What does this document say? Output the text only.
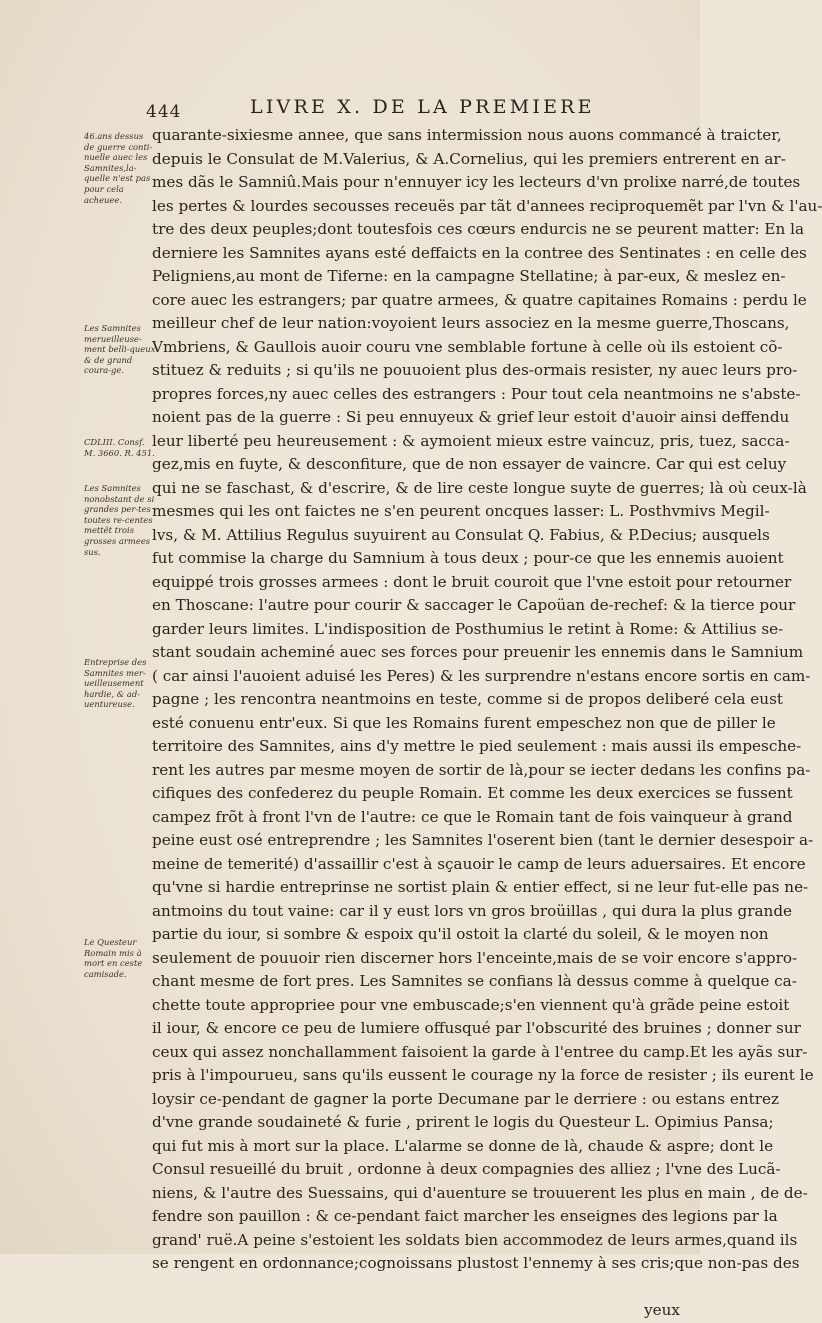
444	LIVRE X. DE LA PREMIERE
quarante-sixiesme annee, que sans intermission nous auons commancé à traicter,
depuis le Consulat de M.Valerius, & A.Cornelius, qui les premiers entrerent en ar-
mes dãs le Samniû.Mais pour n'ennuyer icy les lecteurs d'vn prolixe narré,de toutes
les pertes & lourdes secousses receuës par tãt d'annees reciproquemẽt par l'vn & l'au-
tre des deux peuples;dont toutesfois ces cœurs endurcis ne se peurent matter: En la
derniere les Samnites ayans esté deffaicts en la contree des Sentinates : en celle des
Peligniens,au mont de Tiferne: en la campagne Stellatine; à par-eux, & meslez en-
core auec les estrangers; par quatre armees, & quatre capitaines Romains : perdu le
meilleur chef de leur nation:voyoient leurs associez en la mesme guerre,Thoscans,
Vmbriens, & Gaullois auoir couru vne semblable fortune à celle où ils estoient cõ-
stituez & reduits ; si qu'ils ne pouuoient plus des-ormais resister, ny auec leurs pro-
propres forces,ny auec celles des estrangers : Pour tout cela neantmoins ne s'abste-
noient pas de la guerre : Si peu ennuyeux & grief leur estoit d'auoir ainsi deffendu
leur liberté peu heureusement : & aymoient mieux estre vaincuz, pris, tuez, sacca-
gez,mis en fuyte, & desconfiture, que de non essayer de vaincre. Car qui est celuy
qui ne se faschast, & d'escrire, & de lire ceste longue suyte de guerres; là où ceux-là
mesmes qui les ont faictes ne s'en peurent oncques lasser: L. Posthvmivs Megil-
lvs, & M. Attilius Regulus suyuirent au Consulat Q. Fabius, & P.Decius; ausquels
fut commise la charge du Samnium à tous deux ; pour-ce que les ennemis auoient
equippé trois grosses armees : dont le bruit couroit que l'vne estoit pour retourner
en Thoscane: l'autre pour courir & saccager le Capoüan de-rechef: & la tierce pour
garder leurs limites. L'indisposition de Posthumius le retint à Rome: & Attilius se-
stant soudain acheminé auec ses forces pour preuenir les ennemis dans le Samnium
( car ainsi l'auoient aduisé les Peres) & les surprendre n'estans encore sortis en cam-
pagne ; les rencontra neantmoins en teste, comme si de propos deliberé cela eust
esté conuenu entr'eux. Si que les Romains furent empeschez non que de piller le
territoire des Samnites, ains d'y mettre le pied seulement : mais aussi ils empesche-
rent les autres par mesme moyen de sortir de là,pour se iecter dedans les confins pa-
cifiques des confederez du peuple Romain. Et comme les deux exercices se fussent
campez frõt à front l'vn de l'autre: ce que le Romain tant de fois vainqueur à grand
peine eust osé entreprendre ; les Samnites l'oserent bien (tant le dernier desespoir a-
meine de temerité) d'assaillir c'est à sçauoir le camp de leurs aduersaires. Et encore
qu'vne si hardie entreprinse ne sortist plain & entier effect, si ne leur fut-elle pas ne-
antmoins du tout vaine: car il y eust lors vn gros broüillas , qui dura la plus grande
partie du iour, si sombre & espoix qu'il ostoit la clarté du soleil, & le moyen non
seulement de pouuoir rien discerner hors l'enceinte,mais de se voir encore s'appro-
chant mesme de fort pres. Les Samnites se confians là dessus comme à quelque ca-
chette toute appropriee pour vne embuscade;s'en viennent qu'à grãde peine estoit
il iour, & encore ce peu de lumiere offusqué par l'obscurité des bruines ; donner sur
ceux qui assez nonchallamment faisoient la garde à l'entree du camp.Et les ayãs sur-
pris à l'impourueu, sans qu'ils eussent le courage ny la force de resister ; ils eurent le
loysir ce-pendant de gagner la porte Decumane par le derriere : ou estans entrez
d'vne grande soudaineté & furie , prirent le logis du Questeur L. Opimius Pansa;
qui fut mis à mort sur la place. L'alarme se donne de là, chaude & aspre; dont le
Consul resueillé du bruit , ordonne à deux compagnies des alliez ; l'vne des Lucã-
niens, & l'autre des Suessains, qui d'auenture se trouuerent les plus en main , de de-
fendre son pauillon : & ce-pendant faict marcher les enseignes des legions par la
grand' ruë.A peine s'estoient les soldats bien accommodez de leurs armes,quand ils
se rengent en ordonnance;cognoissans plustost l'ennemy à ses cris;que non-pas des
yeux
46.ans dessus de guerre conti-nuelle auec les Samnites,la-quelle n'est pas pour cela acheuee.
Les Samnites merueilleuse-ment belli-queux & de grand coura-ge.
CDLIII. Consf. M. 3660. R. 451.
Les Samnites nonobstant de si grandes per-tes toutes re-centes mettẽt trois grosses armees sus.
Entreprise des Samnites mer-ueilleusement hardie, & ad-uentureuse.
Le Questeur Romain mis à mort en ceste camisade.
